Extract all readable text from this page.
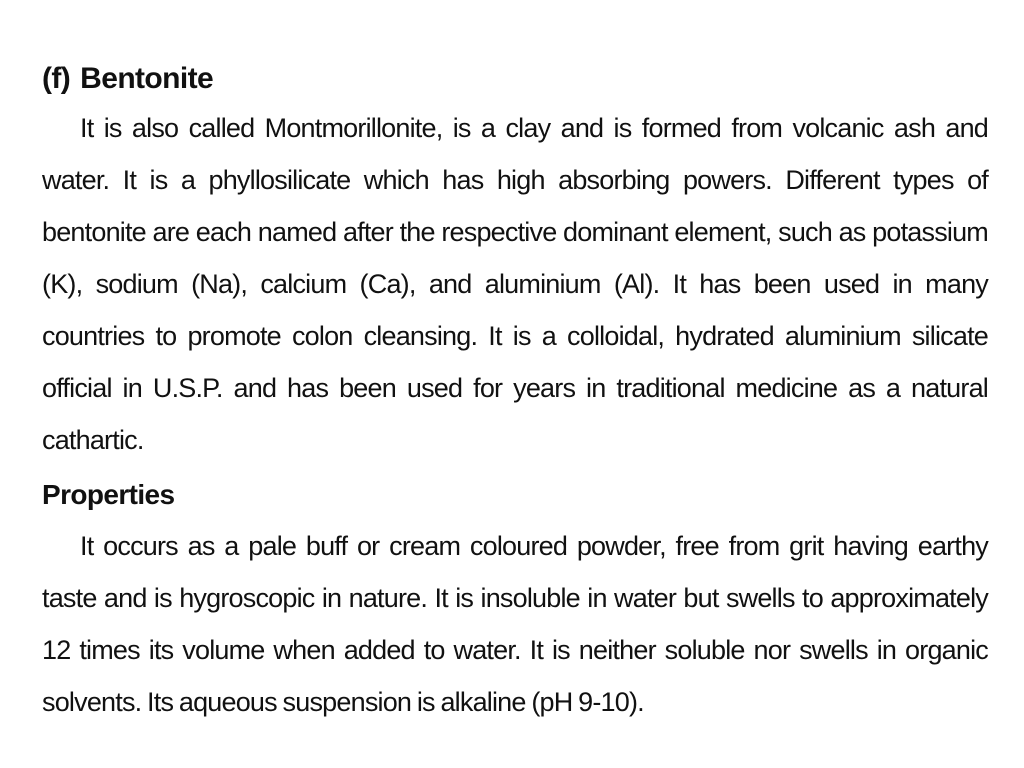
(f) Bentonite

It is also called Montmorillonite, is a clay and is formed from volcanic ash and water. It is a phyllosilicate which has high absorbing powers. Different types of bentonite are each named after the respective dominant element, such as potassium (K), sodium (Na), calcium (Ca), and aluminium (Al). It has been used in many countries to promote colon cleansing. It is a colloidal, hydrated aluminium silicate official in U.S.P. and has been used for years in traditional medicine as a natural cathartic.

Properties

It occurs as a pale buff or cream coloured powder, free from grit having earthy taste and is hygroscopic in nature. It is insoluble in water but swells to approximately 12 times its volume when added to water. It is neither soluble nor swells in organic solvents. Its aqueous suspension is alkaline (pH 9-10).
